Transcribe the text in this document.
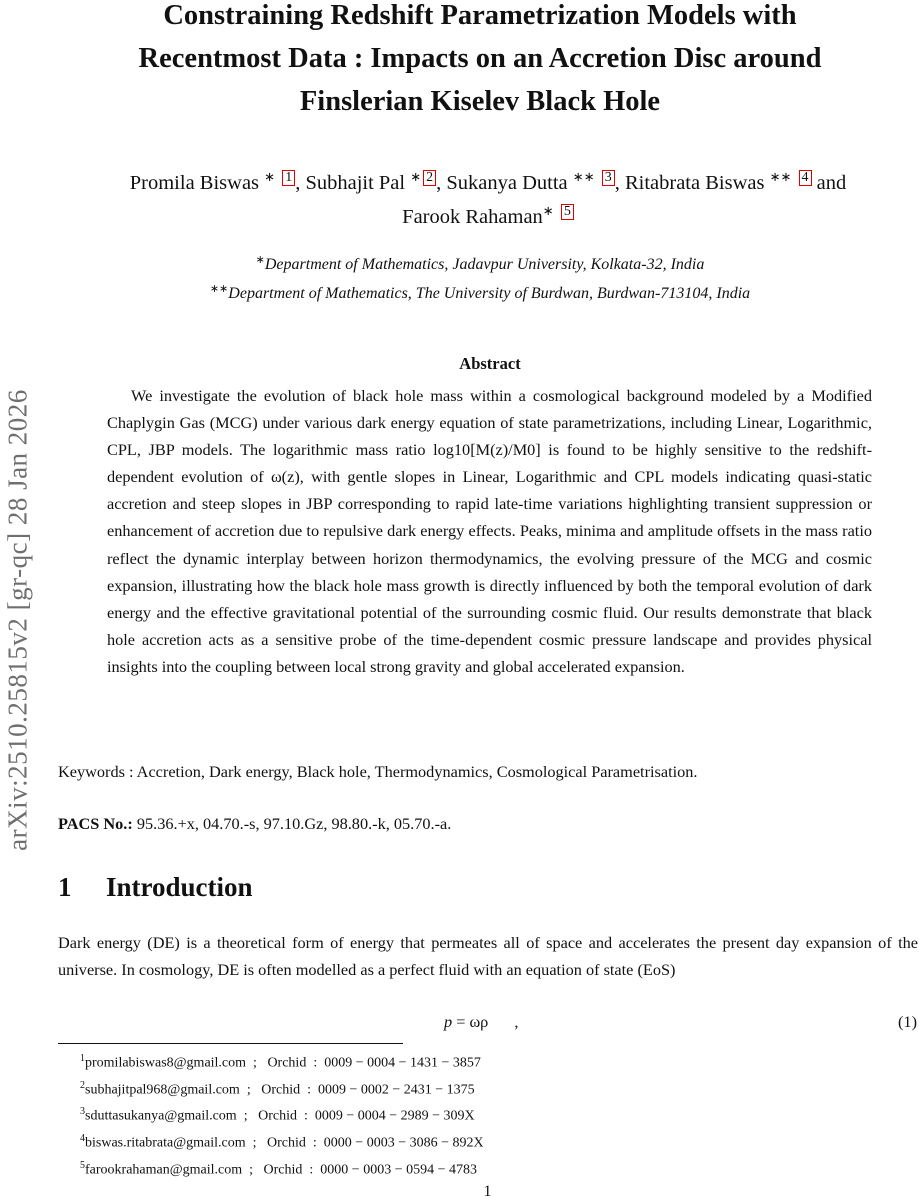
arXiv:2510.25815v2 [gr-qc] 28 Jan 2026
Constraining Redshift Parametrization Models with
Recentmost Data : Impacts on an Accretion Disc around
Finslerian Kiselev Black Hole
Promila Biswas ∗ 1 , Subhajit Pal ∗ 2 , Sukanya Dutta ∗∗ 3 , Ritabrata Biswas ∗∗ 4 and
Farook Rahaman∗ 5
∗Department of Mathematics, Jadavpur University, Kolkata-32, India
∗∗Department of Mathematics, The University of Burdwan, Burdwan-713104, India
Abstract
We investigate the evolution of black hole mass within a cosmological background modeled by a Modified Chaplygin Gas (MCG) under various dark energy equation of state parametrizations, including Linear, Logarithmic, CPL, JBP models. The logarithmic mass ratio log10[M(z)/M0] is found to be highly sensitive to the redshift-dependent evolution of ω(z), with gentle slopes in Linear, Logarithmic and CPL models indicating quasi-static accretion and steep slopes in JBP corresponding to rapid late-time variations highlighting transient suppression or enhancement of accretion due to repulsive dark energy effects. Peaks, minima and amplitude offsets in the mass ratio reflect the dynamic interplay between horizon thermodynamics, the evolving pressure of the MCG and cosmic expansion, illustrating how the black hole mass growth is directly influenced by both the temporal evolution of dark energy and the effective gravitational potential of the surrounding cosmic fluid. Our results demonstrate that black hole accretion acts as a sensitive probe of the time-dependent cosmic pressure landscape and provides physical insights into the coupling between local strong gravity and global accelerated expansion.
Keywords : Accretion, Dark energy, Black hole, Thermodynamics, Cosmological Parametrisation.
PACS No.: 95.36.+x, 04.70.-s, 97.10.Gz, 98.80.-k, 05.70.-a.
1 Introduction
Dark energy (DE) is a theoretical form of energy that permeates all of space and accelerates the present day expansion of the universe. In cosmology, DE is often modelled as a perfect fluid with an equation of state (EoS)
p = ωρ ,	(1)
$^1$promilabiswas8@gmail.com  ;   Orchid  :  0009 − 0004 − 1431 − 3857
$^2$subhajitpal968@gmail.com  ;   Orchid  :  0009 − 0002 − 2431 − 1375
$^3$sduttasukanya@gmail.com  ;   Orchid  :  0009 − 0004 − 2989 − 309X
$^4$biswas.ritabrata@gmail.com  ;   Orchid  :  0000 − 0003 − 3086 − 892X
$^5$farookrahaman@gmail.com  ;   Orchid  :  0000 − 0003 − 0594 − 4783
1
